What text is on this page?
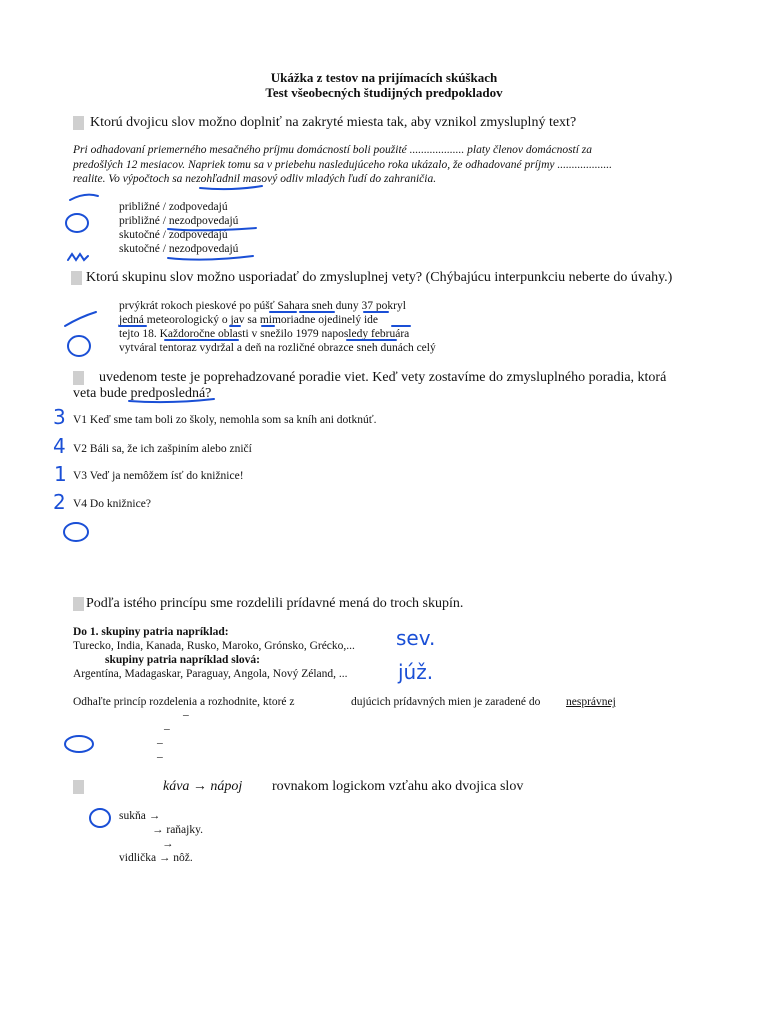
Ukážka z testov na prijímacích skúškach
Test všeobecných študijných predpokladov
Ktorú dvojicu slov možno doplniť na zakryté miesta tak, aby vznikol zmysluplný text?
Pri odhadovaní priemerného mesačného príjmu domácností boli použité ................... platy členov domácností za
predošlých 12 mesiacov. Napriek tomu sa v priebehu nasledujúceho roka ukázalo, že odhadované príjmy ...................
realite. Vo výpočtoch sa nezohľadnil masový odliv mladých ľudí do zahraničia.
približné / zodpovedajú
približné / nezodpovedajú
skutočné / zodpovedajú
skutočné / nezodpovedajú
Ktorú skupinu slov možno usporiadať do zmysluplnej vety? (Chýbajúcu interpunkciu neberte do úvahy.)
prvýkrát rokoch pieskové po púšť Sahara sneh duny 37 pokryl
jedná meteorologický o jav sa mimoriadne ojedinelý ide
tejto 18. Každoročne oblasti v snežilo 1979 naposledy februára
vytváral tentoraz vydržal a deň na rozličné obrazce sneh dunách celý
uvedenom teste je poprehadzované poradie viet. Keď vety zostavíme do zmysluplného poradia, ktorá
veta bude predposledná?
V1 Keď sme tam boli zo školy, nemohla som sa kníh ani dotknúť.
V2 Báli sa, že ich zašpiním alebo zničí
V3 Veď ja nemôžem ísť do knižnice!
V4 Do knižnice?
3
4
1
2
Podľa istého princípu sme rozdelili prídavné mená do troch skupín.
Do 1. skupiny patria napríklad:
Turecko, India, Kanada, Rusko, Maroko, Grónsko, Grécko,...
skupiny patria napríklad slová:
Argentína, Madagaskar, Paraguay, Angola, Nový Zéland, ...
sev.
júž.
Odhaľte princíp rozdelenia a rozhodnite, ktoré z	dujúcich prídavných mien je zaradené do nesprávnej
–
–
–
–
káva → nápoj rovnakom logickom vzťahu ako dvojica slov
sukňa →
→ raňajky.
→
vidlička → nôž.
